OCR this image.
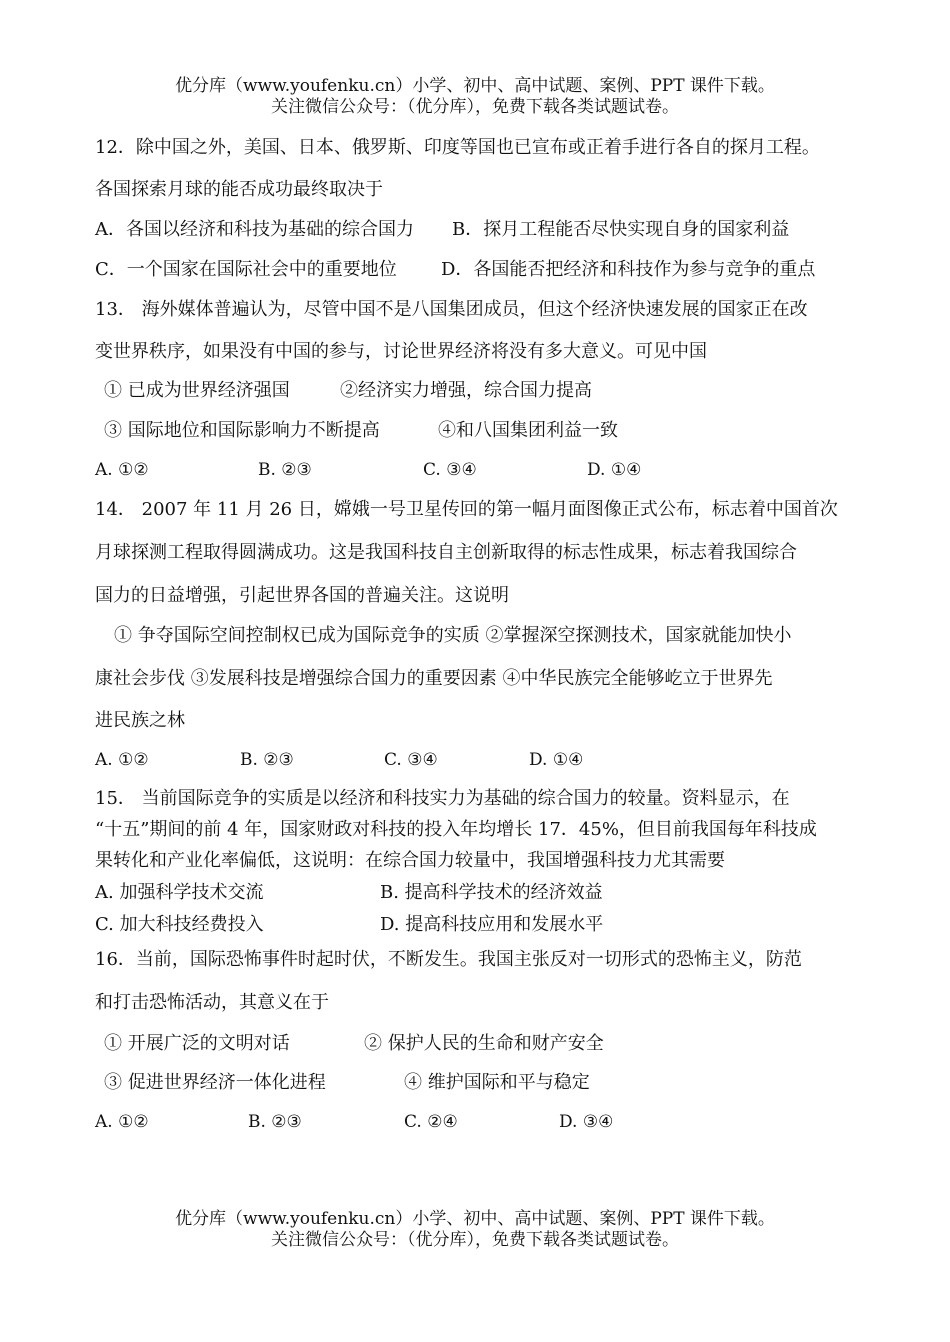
优分库（www.youfenku.cn）小学、初中、高中试题、案例、PPT 课件下载。
关注微信公众号：（优分库），免费下载各类试题试卷。
12．除中国之外，美国、日本、俄罗斯、印度等国也已宣布或正着手进行各自的探月工程。
各国探索月球的能否成功最终取决于
A．各国以经济和科技为基础的综合国力 B．探月工程能否尽快实现自身的国家利益
C．一个国家在国际社会中的重要地位 D．各国能否把经济和科技作为参与竞争的重点
13． 海外媒体普遍认为，尽管中国不是八国集团成员，但这个经济快速发展的国家正在改
变世界秩序，如果没有中国的参与，讨论世界经济将没有多大意义。可见中国
① 已成为世界经济强国	②经济实力增强，综合国力提高
③ 国际地位和国际影响力不断提高	④和八国集团利益一致
A. ①②	B. ②③	C. ③④	D. ①④
14． 2007 年 11 月 26 日，嫦娥一号卫星传回的第一幅月面图像正式公布，标志着中国首次
月球探测工程取得圆满成功。这是我国科技自主创新取得的标志性成果，标志着我国综合
国力的日益增强，引起世界各国的普遍关注。这说明
① 争夺国际空间控制权已成为国际竞争的实质 ②掌握深空探测技术，国家就能加快小
康社会步伐 ③发展科技是增强综合国力的重要因素 ④中华民族完全能够屹立于世界先
进民族之林
A. ①②	B. ②③	C. ③④	D. ①④
15． 当前国际竞争的实质是以经济和科技实力为基础的综合国力的较量。资料显示，在
“十五”期间的前 4 年，国家财政对科技的投入年均增长 17．45%，但目前我国每年科技成
果转化和产业化率偏低，这说明：在综合国力较量中，我国增强科技力尤其需要
A. 加强科学技术交流	B. 提高科学技术的经济效益
C. 加大科技经费投入	D. 提高科技应用和发展水平
16．当前，国际恐怖事件时起时伏，不断发生。我国主张反对一切形式的恐怖主义，防范
和打击恐怖活动，其意义在于
① 开展广泛的文明对话	② 保护人民的生命和财产安全
③ 促进世界经济一体化进程	④ 维护国际和平与稳定
A. ①②	B. ②③	C. ②④	D. ③④
优分库（www.youfenku.cn）小学、初中、高中试题、案例、PPT 课件下载。
关注微信公众号：（优分库），免费下载各类试题试卷。
